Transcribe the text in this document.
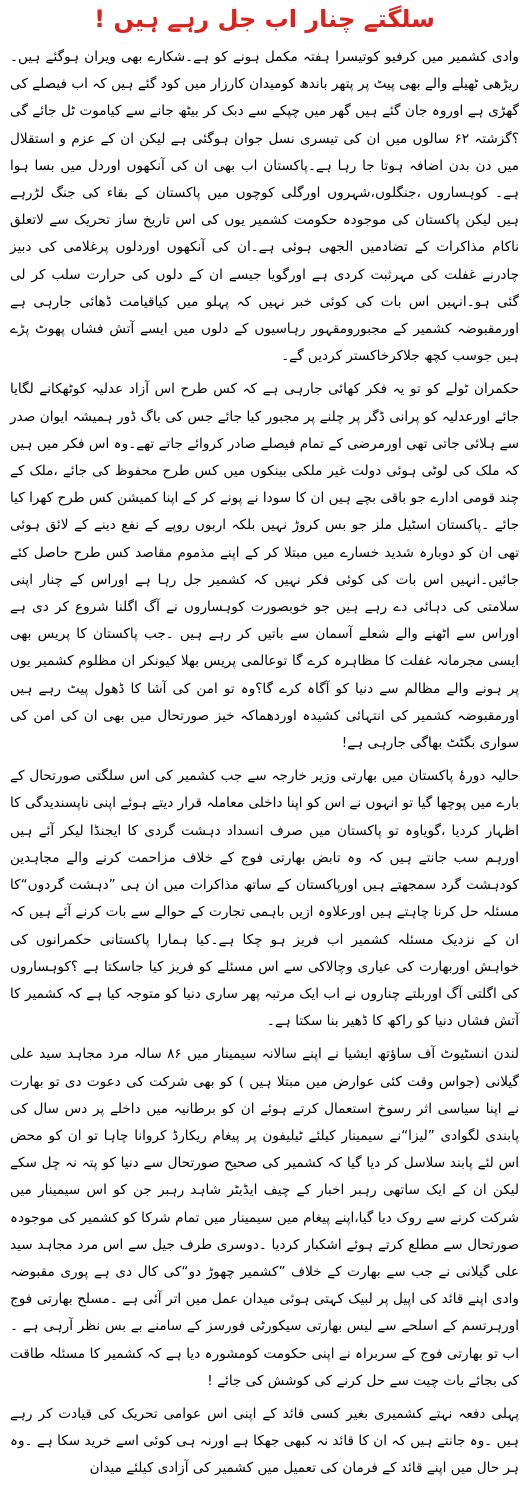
سلگتے چنار اب جل رہے ہیں !

وادی کشمیر میں کرفیو کوتیسرا ہفتہ مکمل ہونے کو ہے۔شکارے بھی ویران ہوگئے ہیں۔ریڑھی ٹھیلے والے بھی پیٹ پر پتھر باندھ کومیدان کارزار میں کود گئے ہیں کہ اب فیصلے کی گھڑی ہے اوروہ جان گئے ہیں گھر میں چپکے سے دبک کر بیٹھ جانے سے کیاموت ٹل جائے گی ؟گزشتہ ۶۲ سالوں میں ان کی تیسری نسل جوان ہوگئی ہے لیکن ان کے عزم و استقلال میں دن بدن اضافہ ہوتا جا رہا ہے۔پاکستان اب بھی ان کی آنکھوں اوردل میں بسا ہوا ہے۔ کوہساروں ،جنگلوں،شہروں اورگلی کوچوں میں پاکستان کے بقاء کی جنگ لڑرہے ہیں لیکن پاکستان کی موجودہ حکومت کشمیر یوں کی اس تاریخ ساز تحریک سے لاتعلق ناکام مذاکرات کے تضادمیں الجھی ہوئی ہے۔ان کی آنکھوں اوردلوں پرغلامی کی دبیز چادرنے غفلت کی مہرثبت کردی ہے اورگویا جیسے ان کے دلوں کی حرارت سلب کر لی گئی ہو۔انہیں اس بات کی کوئی خبر نہیں کہ پہلو میں کیاقیامت ڈھائی جارہی ہے اورمقبوضہ کشمیر کے مجبورومقہور رہاسیوں کے دلوں میں ایسے آتش فشاں پھوٹ پڑے ہیں جوسب کچھ جلاکرخاکستر کردیں گے۔

حکمران ٹولے کو تو یہ فکر کھائی جارہی ہے کہ کس طرح اس آزاد عدلیہ کوٹھکانے لگایا جائے اورعدلیہ کو پرانی ڈگر پر چلنے پر مجبور کیا جائے جس کی باگ ڈور ہمیشہ ایوان صدر سے ہلائی جاتی تھی اورمرضی کے تمام فیصلے صادر کروائے جاتے تھے۔وہ اس فکر میں ہیں کہ ملک کی لوٹی ہوئی دولت غیر ملکی بینکوں میں کس طرح محفوظ کی جائے ،ملک کے چند قومی ادارے جو باقی بچے ہیں ان کا سودا نے پونے کر کے اپنا کمیشن کس طرح کھرا کیا جائے ۔پاکستان اسٹیل ملز جو بس کروڑ نہیں بلکہ اربوں روپے کے نفع دینے کے لائق ہوئی تھی ان کو دوبارہ شدید خسارے میں مبتلا کر کے اپنے مذموم مقاصد کس طرح حاصل کئے جائیں۔انہیں اس بات کی کوئی فکر نہیں کہ کشمیر جل رہا ہے اوراس کے چنار اپنی سلامتی کی دہائی دے رہے ہیں جو خوبصورت کوہساروں نے آگ اگلنا شروع کر دی ہے اوراس سے اٹھنے والے شعلے آسمان سے باتیں کر رہے ہیں ۔جب پاکستان کا پریس بھی ایسی مجرمانہ غفلت کا مظاہرہ کرے گا توعالمی پریس بھلا کیونکر ان مظلوم کشمیر یوں پر ہونے والے مظالم سے دنیا کو آگاہ کرے گا؟وہ تو امن کی آشا کا ڈھول پیٹ رہے ہیں اورمقبوضہ کشمیر کی انتہائی کشیدہ اوردھماکہ خیز صورتحال میں بھی ان کی امن کی سواری بگٹٹ بھاگی جارہی ہے!

حالیہ دورۂ پاکستان میں بھارتی وزیر خارجہ سے جب کشمیر کی اس سلگتی صورتحال کے بارے میں پوچھا گیا تو انہوں نے اس کو اپنا داخلی معاملہ قرار دیتے ہوئے اپنی ناپسندیدگی کا اظہار کردیا ،گویاوہ تو پاکستان میں صرف انسداد دہشت گردی کا ایجنڈا لیکر آئے ہیں اورہم سب جانتے ہیں کہ وہ تابض بھارتی فوج کے خلاف مزاحمت کرنے والے مجاہدین کودہشت گرد سمجھتے ہیں اورپاکستان کے ساتھ مذاکرات میں ان ہی ”دہشت گردوں“کا مسئلہ حل کرنا چاہتے ہیں اورعلاوہ ازیں باہمی تجارت کے حوالے سے بات کرنے آئے ہیں کہ ان کے نزدیک مسئلہ کشمیر اب فریز ہو چکا ہے۔کیا ہمارا پاکستانی حکمرانوں کی خواہش اوربھارت کی عیاری وچالاکی سے اس مسئلے کو فریز کیا جاسکتا ہے ؟کوہساروں کی اگلتی آگ اوربلتے چناروں نے اب ایک مرتبہ پھر ساری دنیا کو متوجہ کیا ہے کہ کشمیر کا آتش فشاں دنیا کو راکھ کا ڈھیر بنا سکتا ہے۔

لندن انسٹیوٹ آف ساؤتھ ایشیا نے اپنے سالانہ سیمینار میں ۸۶ سالہ مرد مجاہد سید علی گیلانی (جواس وقت کئی عوارض میں مبتلا ہیں ) کو بھی شرکت کی دعوت دی تو بھارت نے اپنا سیاسی اثر رسوخ استعمال کرتے ہوئے ان کو برطانیہ میں داخلے پر دس سال کی پابندی لگوادی ”لیزا“نے سیمینار کیلئے ٹیلیفون پر پیغام ریکارڈ کروانا چاہا تو ان کو محض اس لئے پابند سلاسل کر دیا گیا کہ کشمیر کی صحیح صورتحال سے دنیا کو پتہ نہ چل سکے لیکن ان کے ایک ساتھی رہبر اخبار کے چیف ایڈیٹر شاہد رہبر جن کو اس سیمینار میں شرکت کرنے سے روک دیا گیا،اپنے پیغام میں سیمینار میں تمام شرکا کو کشمیر کی موجودہ صورتحال سے مطلع کرتے ہوئے اشکبار کردیا ۔دوسری طرف جیل سے اس مرد مجاہد سید علی گیلانی نے جب سے بھارت کے خلاف ”کشمیر چھوڑ دو“کی کال دی ہے پوری مقبوضہ وادی اپنے قائد کی اپیل پر لبیک کہتی ہوئی میدان عمل میں اتر آئی ہے ۔مسلح بھارتی فوج اورہرتسم کے اسلحے سے لیس بھارتی سیکورٹی فورسز کے سامنے بے بس نظر آرہی ہے ۔اب تو بھارتی فوج کے سربراہ نے اپنی حکومت کومشورہ دیا ہے کہ کشمیر کا مسئلہ طاقت کی بجائے بات چیت سے حل کرنے کی کوشش کی جائے !

پہلی دفعہ نہتے کشمیری بغیر کسی قائد کے اپنی اس عوامی تحریک کی قیادت کر رہے ہیں ۔وہ جانتے ہیں کہ ان کا قائد نہ کبھی جھکا ہے اورنہ ہی کوئی اسے خرید سکا ہے ۔وہ ہر حال میں اپنے قائد کے فرمان کی تعمیل میں کشمیر کی آزادی کیلئے میدان
